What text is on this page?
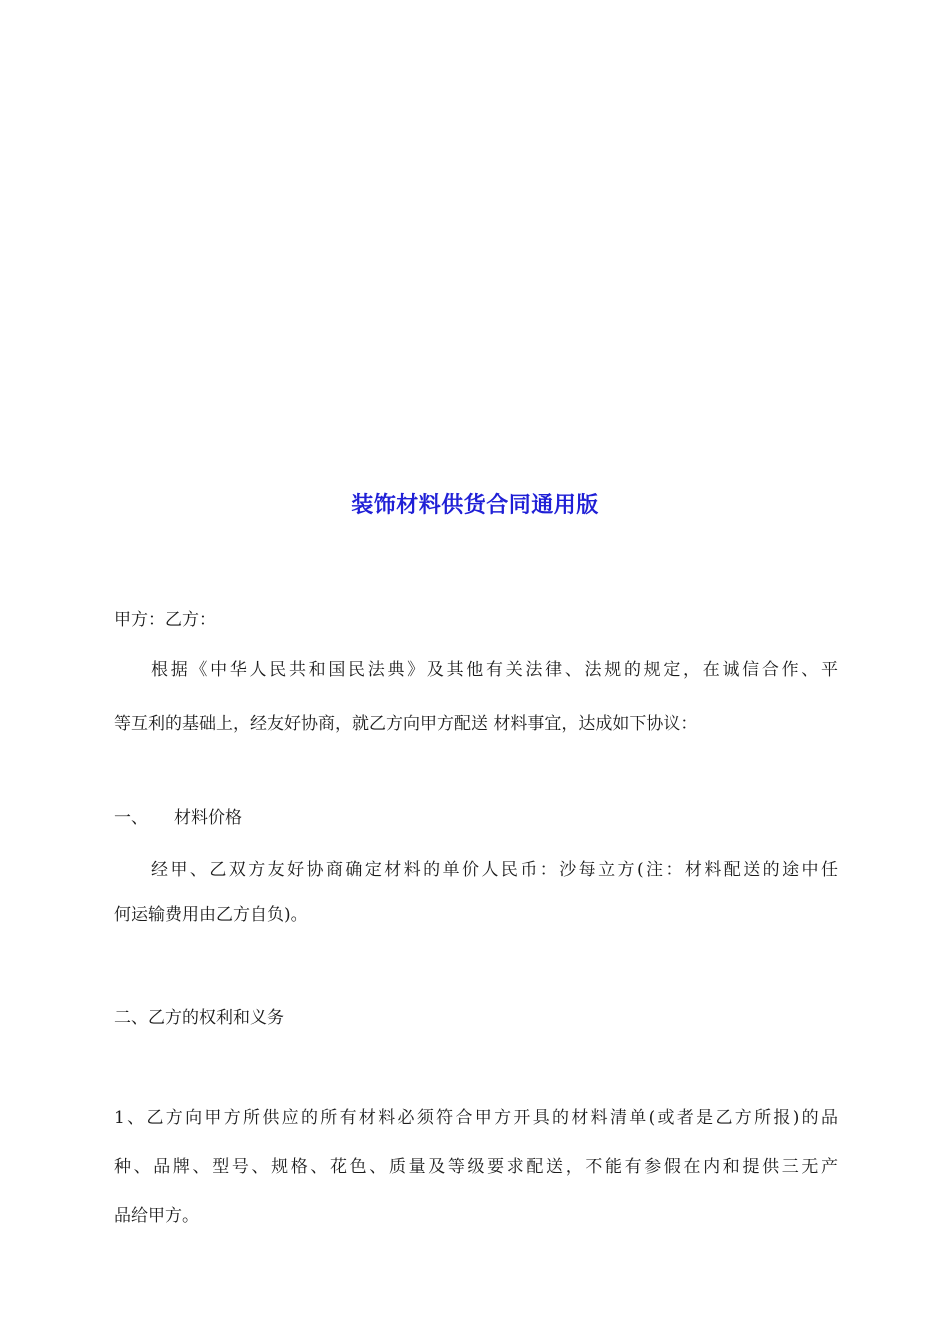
装饰材料供货合同通用版
甲方：乙方：
根据《中华人民共和国民法典》及其他有关法律、法规的规定，在诚信合作、平
等互利的基础上，经友好协商，就乙方向甲方配送 材料事宜，达成如下协议：
一、 材料价格
经甲、乙双方友好协商确定材料的单价人民币：沙每立方(注：材料配送的途中任
何运输费用由乙方自负)。
二、乙方的权利和义务
1、乙方向甲方所供应的所有材料必须符合甲方开具的材料清单(或者是乙方所报)的品
种、品牌、型号、规格、花色、质量及等级要求配送，不能有参假在内和提供三无产
品给甲方。
